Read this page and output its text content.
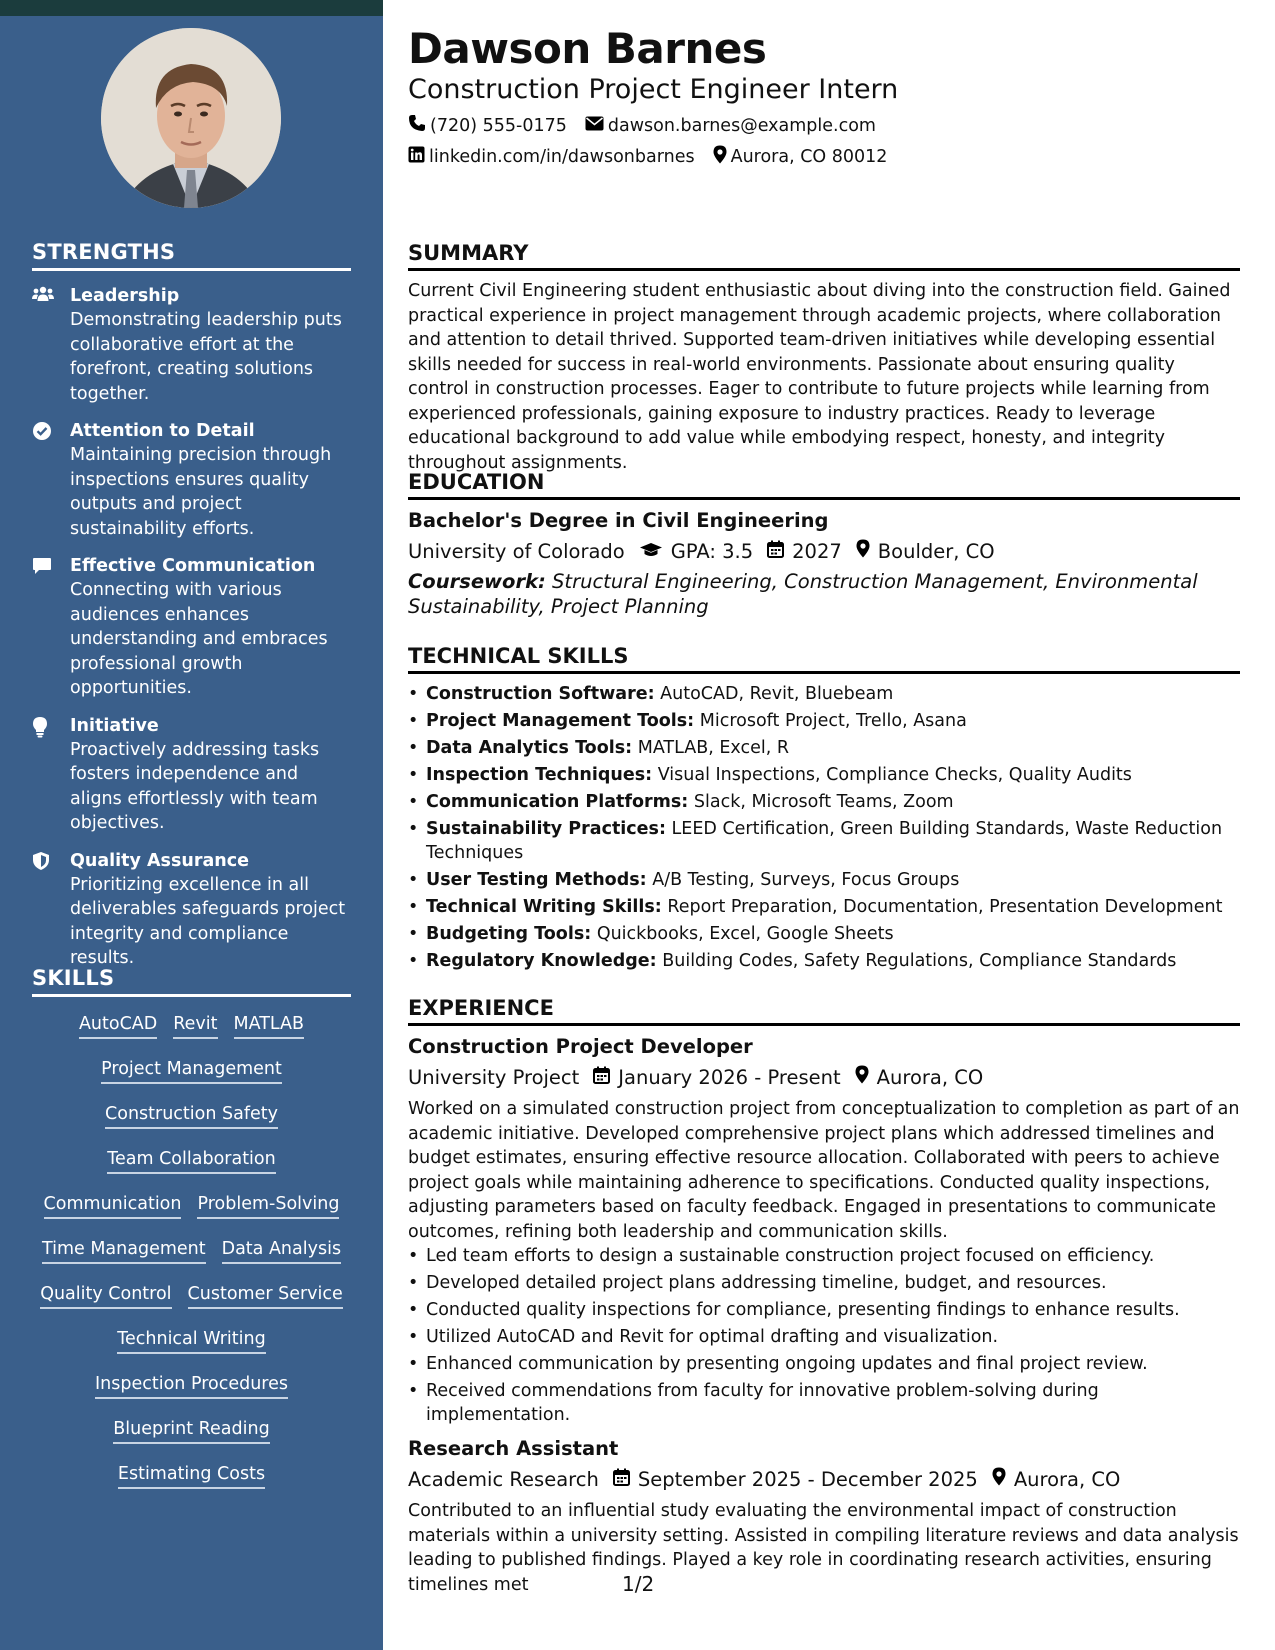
STRENGTHS
Leadership
Demonstrating leadership puts collaborative effort at the forefront, creating solutions together.
Attention to Detail
Maintaining precision through inspections ensures quality outputs and project sustainability efforts.
Effective Communication
Connecting with various audiences enhances understanding and embraces professional growth opportunities.
Initiative
Proactively addressing tasks fosters independence and aligns effortlessly with team objectives.
Quality Assurance
Prioritizing excellence in all deliverables safeguards project integrity and compliance results.
SKILLS
AutoCAD Revit MATLAB
Project Management
Construction Safety
Team Collaboration
Communication Problem-Solving
Time Management Data Analysis
Quality Control Customer Service
Technical Writing
Inspection Procedures
Blueprint Reading
Estimating Costs
Dawson Barnes
Construction Project Engineer Intern
(720) 555-0175 dawson.barnes@example.com
linkedin.com/in/dawsonbarnes Aurora, CO 80012
SUMMARY
Current Civil Engineering student enthusiastic about diving into the construction field. Gained practical experience in project management through academic projects, where collaboration and attention to detail thrived. Supported team-driven initiatives while developing essential skills needed for success in real-world environments. Passionate about ensuring quality control in construction processes. Eager to contribute to future projects while learning from experienced professionals, gaining exposure to industry practices. Ready to leverage educational background to add value while embodying respect, honesty, and integrity throughout assignments.
EDUCATION
Bachelor's Degree in Civil Engineering
University of Colorado GPA: 3.5 2027 Boulder, CO
Coursework: Structural Engineering, Construction Management, Environmental Sustainability, Project Planning
TECHNICAL SKILLS
• Construction Software: AutoCAD, Revit, Bluebeam
• Project Management Tools: Microsoft Project, Trello, Asana
• Data Analytics Tools: MATLAB, Excel, R
• Inspection Techniques: Visual Inspections, Compliance Checks, Quality Audits
• Communication Platforms: Slack, Microsoft Teams, Zoom
• Sustainability Practices: LEED Certification, Green Building Standards, Waste Reduction Techniques
• User Testing Methods: A/B Testing, Surveys, Focus Groups
• Technical Writing Skills: Report Preparation, Documentation, Presentation Development
• Budgeting Tools: Quickbooks, Excel, Google Sheets
• Regulatory Knowledge: Building Codes, Safety Regulations, Compliance Standards
EXPERIENCE
Construction Project Developer
University Project January 2026 - Present Aurora, CO
Worked on a simulated construction project from conceptualization to completion as part of an academic initiative. Developed comprehensive project plans which addressed timelines and budget estimates, ensuring effective resource allocation. Collaborated with peers to achieve project goals while maintaining adherence to specifications. Conducted quality inspections, adjusting parameters based on faculty feedback. Engaged in presentations to communicate outcomes, refining both leadership and communication skills.
• Led team efforts to design a sustainable construction project focused on efficiency.
• Developed detailed project plans addressing timeline, budget, and resources.
• Conducted quality inspections for compliance, presenting findings to enhance results.
• Utilized AutoCAD and Revit for optimal drafting and visualization.
• Enhanced communication by presenting ongoing updates and final project review.
• Received commendations from faculty for innovative problem-solving during implementation.
Research Assistant
Academic Research September 2025 - December 2025 Aurora, CO
Contributed to an influential study evaluating the environmental impact of construction materials within a university setting. Assisted in compiling literature reviews and data analysis leading to published findings. Played a key role in coordinating research activities, ensuring timelines met	1/2
